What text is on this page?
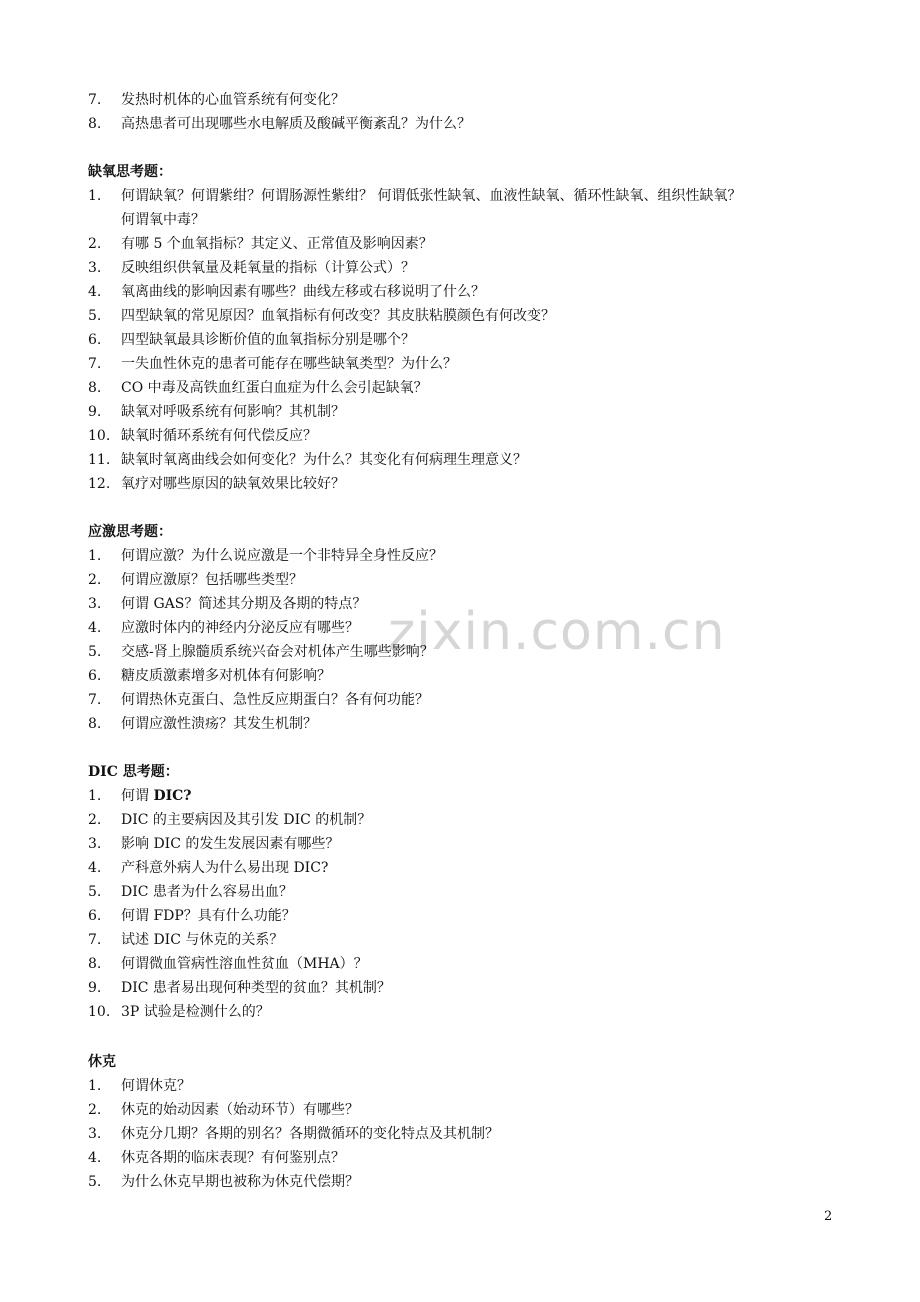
zixin.com.cn
7. 发热时机体的心血管系统有何变化？
8. 高热患者可出现哪些水电解质及酸碱平衡紊乱？为什么？
缺氧思考题：
1. 何谓缺氧？何谓紫绀？何谓肠源性紫绀？ 何谓低张性缺氧、血液性缺氧、循环性缺氧、组织性缺氧？
何谓氧中毒？
2. 有哪 5 个血氧指标？其定义、正常值及影响因素？
3. 反映组织供氧量及耗氧量的指标（计算公式）？
4. 氧离曲线的影响因素有哪些？曲线左移或右移说明了什么？
5. 四型缺氧的常见原因？血氧指标有何改变？其皮肤粘膜颜色有何改变？
6. 四型缺氧最具诊断价值的血氧指标分别是哪个？
7. 一失血性休克的患者可能存在哪些缺氧类型？为什么？
8. CO 中毒及高铁血红蛋白血症为什么会引起缺氧？
9. 缺氧对呼吸系统有何影响？其机制？
10. 缺氧时循环系统有何代偿反应？
11. 缺氧时氧离曲线会如何变化？为什么？其变化有何病理生理意义？
12. 氧疗对哪些原因的缺氧效果比较好？
应激思考题：
1. 何谓应激？为什么说应激是一个非特异全身性反应？
2. 何谓应激原？包括哪些类型？
3. 何谓 GAS？简述其分期及各期的特点？
4. 应激时体内的神经内分泌反应有哪些？
5. 交感-肾上腺髓质系统兴奋会对机体产生哪些影响？
6. 糖皮质激素增多对机体有何影响？
7. 何谓热休克蛋白、急性反应期蛋白？各有何功能？
8. 何谓应激性溃疡？其发生机制？
DIC 思考题：
1. 何谓 DIC?
2. DIC 的主要病因及其引发 DIC 的机制？
3. 影响 DIC 的发生发展因素有哪些？
4. 产科意外病人为什么易出现 DIC?
5. DIC 患者为什么容易出血？
6. 何谓 FDP？具有什么功能？
7. 试述 DIC 与休克的关系？
8. 何谓微血管病性溶血性贫血（MHA）？
9. DIC 患者易出现何种类型的贫血？其机制？
10. 3P 试验是检测什么的？
休克
1. 何谓休克？
2. 休克的始动因素（始动环节）有哪些？
3. 休克分几期？各期的别名？各期微循环的变化特点及其机制？
4. 休克各期的临床表现？有何鉴别点？
5. 为什么休克早期也被称为休克代偿期？
2
